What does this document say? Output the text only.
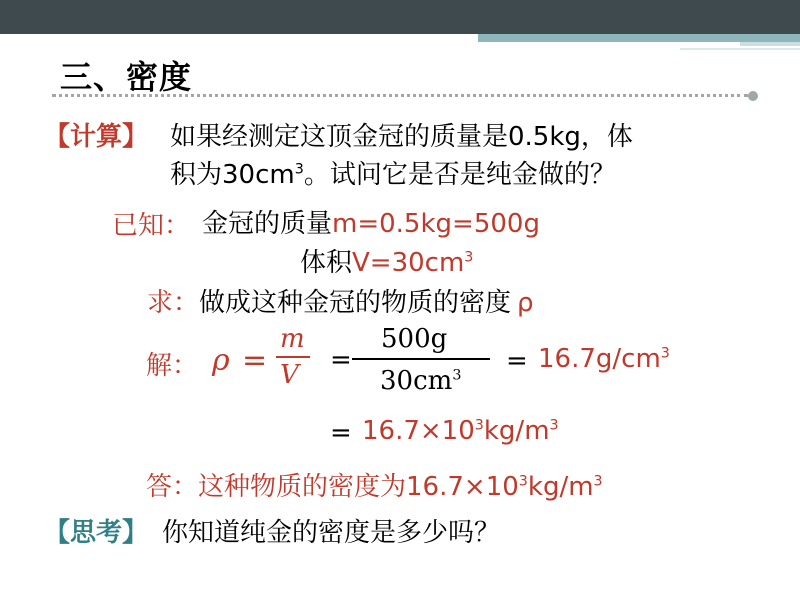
三、密度
【计算】 如果经测定这顶金冠的质量是0.5kg，体
积为$30cm^3$。试问它是否是纯金做的？
已知： 金冠的质量m=0.5kg=500g
体积$V=30cm^3$
求：做成这种金冠的物质的密度 ρ
解： ρ =
m
V =
500g
$30cm^3 = 16.7g/cm^3$
= $16.7\times 10^3kg/m^3$
答：这种物质的密度为$16.7\times 10^3kg/m^3$
【思考】 你知道纯金的密度是多少吗？
